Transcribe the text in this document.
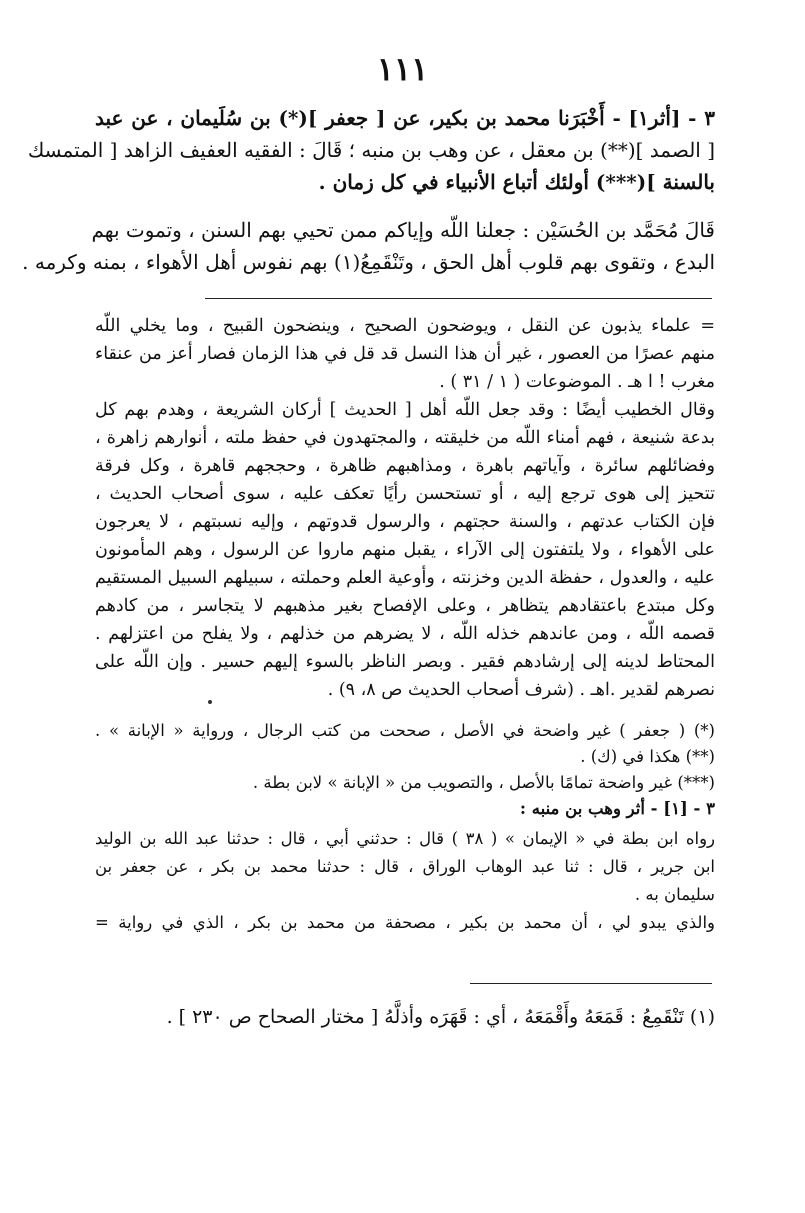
١١١
٣ - [أثر١] - أَخْبَرَنا محمد بن بكير، عن [ جعفر ](*) بن سُلَيمان ، عن عبد
[ الصمد ](**) بن معقل ، عن وهب بن منبه ؛ قَالَ : الفقيه العفيف الزاهد [ المتمسك
بالسنة ](***) أولئك أتباع الأنبياء في كل زمان .
قَالَ مُحَمَّد بن الحُسَيْن : جعلنا اللّه وإياكم ممن تحيي بهم السنن ، وتموت بهم
البدع ، وتقوى بهم قلوب أهل الحق ، وتَنْقَمِعُ(١) بهم نفوس أهل الأهواء ، بمنه وكرمه .
= علماء يذبون عن النقل ، ويوضحون الصحيح ، وينضحون القبيح ، وما يخلي اللّه
منهم عصرًا من العصور ، غير أن هذا النسل قد قل في هذا الزمان فصار أعز من عنقاء
مغرب ! ا هـ . الموضوعات ( ١ / ٣١ ) .
وقال الخطيب أيضًا : وقد جعل اللّه أهل [ الحديث ] أركان الشريعة ، وهدم بهم كل
بدعة شنيعة ، فهم أمناء اللّه من خليقته ، والمجتهدون في حفظ ملته ، أنوارهم زاهرة ،
وفضائلهم سائرة ، وآياتهم باهرة ، ومذاهبهم ظاهرة ، وحججهم قاهرة ، وكل فرقة
تتحيز إلى هوى ترجع إليه ، أو تستحسن رأيًا تعكف عليه ، سوى أصحاب الحديث ،
فإن الكتاب عدتهم ، والسنة حجتهم ، والرسول قدوتهم ، وإليه نسبتهم ، لا يعرجون
على الأهواء ، ولا يلتفتون إلى الآراء ، يقبل منهم ماروا عن الرسول ، وهم المأمونون
عليه ، والعدول ، حفظة الدين وخزنته ، وأوعية العلم وحملته ، سبيلهم السبيل المستقيم
وكل مبتدع باعتقادهم يتظاهر ، وعلى الإفصاح بغير مذهبهم لا يتجاسر ، من كادهم
قصمه اللّه ، ومن عاندهم خذله اللّه ، لا يضرهم من خذلهم ، ولا يفلح من اعتزلهم .
المحتاط لدينه إلى إرشادهم فقير . وبصر الناظر بالسوء إليهم حسير . وإن اللّه على
نصرهم لقدير .اهـ . (شرف أصحاب الحديث ص ٨، ٩) .
(*) ( جعفر ) غير واضحة في الأصل ، صححت من كتب الرجال ، ورواية « الإبانة » .
(**) هكذا في (ك) .
(***) غير واضحة تمامًا بالأصل ، والتصويب من « الإبانة » لابن بطة .
٣ - [١] - أثر وهب بن منبه :
رواه ابن بطة في « الإيمان » ( ٣٨ ) قال : حدثني أبي ، قال : حدثنا عبد الله بن الوليد
ابن جرير ، قال : ثنا عبد الوهاب الوراق ، قال : حدثنا محمد بن بكر ، عن جعفر بن
سليمان به .
والذي يبدو لي ، أن محمد بن بكير ، مصحفة من محمد بن بكر ، الذي في رواية =
(١) تَنْقَمِعُ : قَمَعَهُ وأَقْمَعَهُ ، أي : قَهَرَه وأذلَّهُ [ مختار الصحاح ص ٢٣٠ ] .
